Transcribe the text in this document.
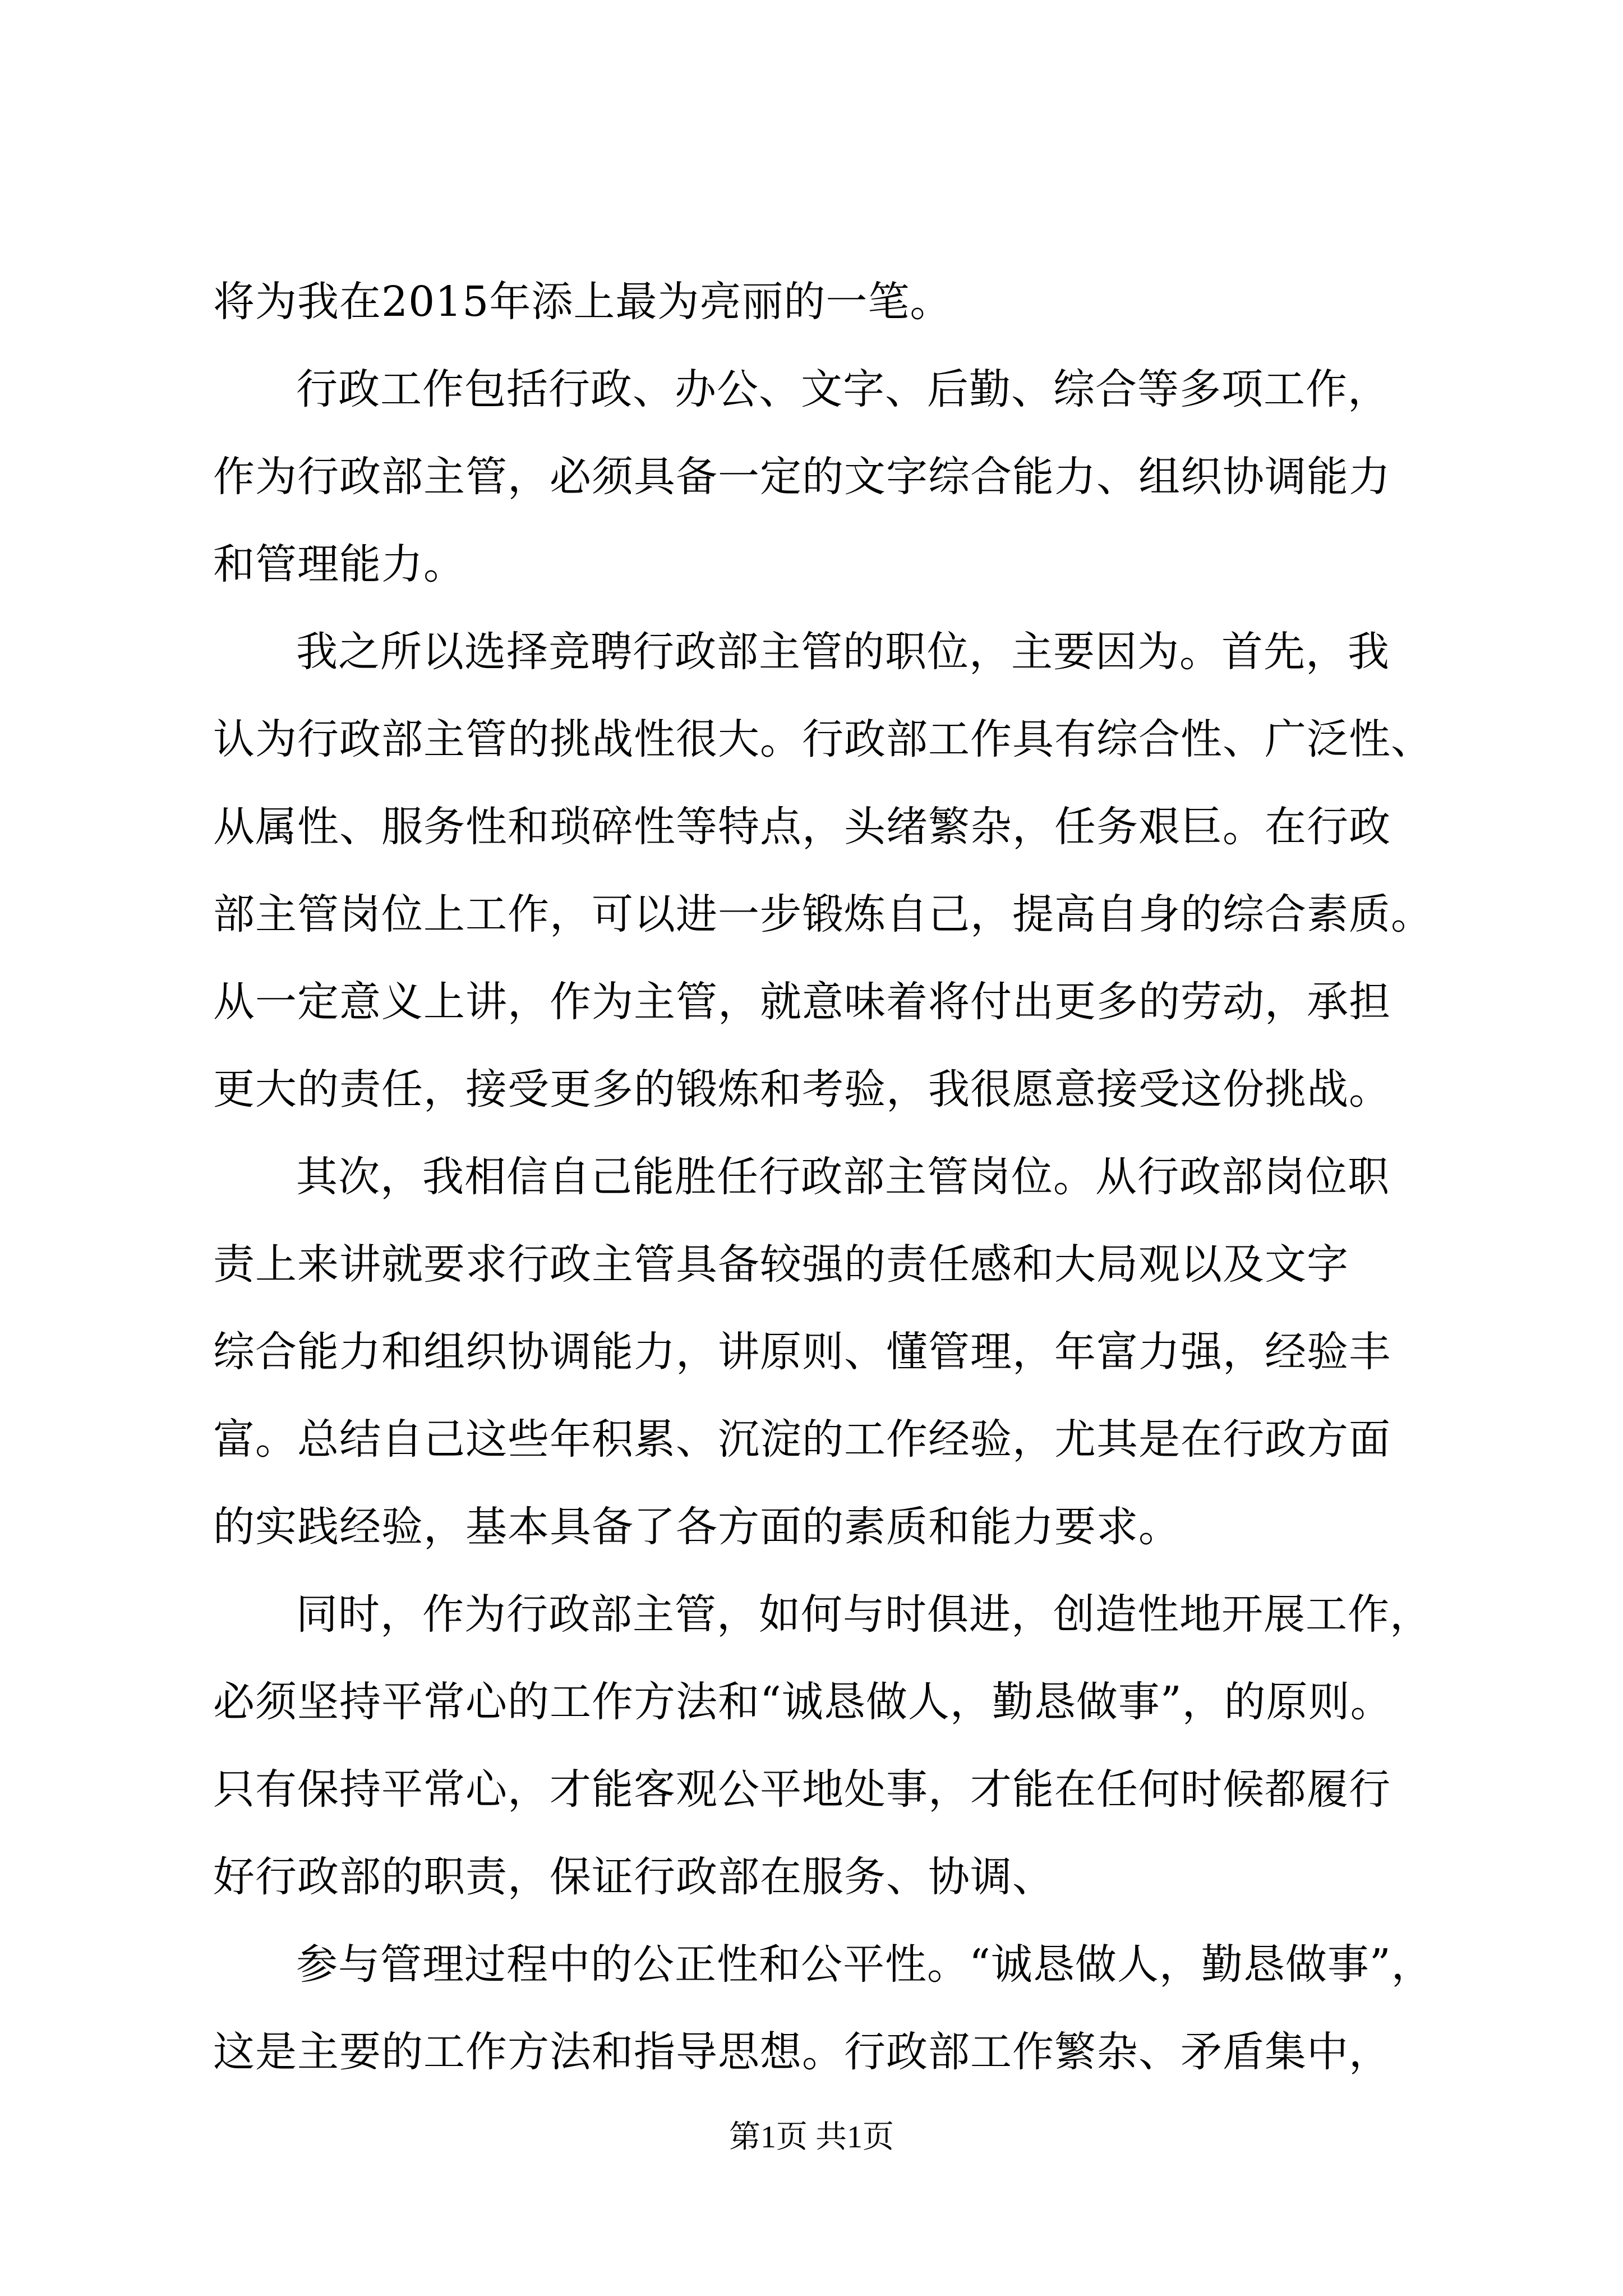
将为我在2015年添上最为亮丽的一笔。
行政工作包括行政、办公、文字、后勤、综合等多项工作，
作为行政部主管，必须具备一定的文字综合能力、组织协调能力
和管理能力。
我之所以选择竞聘行政部主管的职位，主要因为。首先，我
认为行政部主管的挑战性很大。行政部工作具有综合性、广泛性、
从属性、服务性和琐碎性等特点，头绪繁杂，任务艰巨。在行政
部主管岗位上工作，可以进一步锻炼自己，提高自身的综合素质。
从一定意义上讲，作为主管，就意味着将付出更多的劳动，承担
更大的责任，接受更多的锻炼和考验，我很愿意接受这份挑战。
其次，我相信自己能胜任行政部主管岗位。从行政部岗位职
责上来讲就要求行政主管具备较强的责任感和大局观以及文字
综合能力和组织协调能力，讲原则、懂管理，年富力强，经验丰
富。总结自己这些年积累、沉淀的工作经验，尤其是在行政方面
的实践经验，基本具备了各方面的素质和能力要求。
同时，作为行政部主管，如何与时俱进，创造性地开展工作，
必须坚持平常心的工作方法和“诚恳做人，勤恳做事”，的原则。
只有保持平常心，才能客观公平地处事，才能在任何时候都履行
好行政部的职责，保证行政部在服务、协调、
参与管理过程中的公正性和公平性。“诚恳做人，勤恳做事”，
这是主要的工作方法和指导思想。行政部工作繁杂、矛盾集中，
第1页 共1页
